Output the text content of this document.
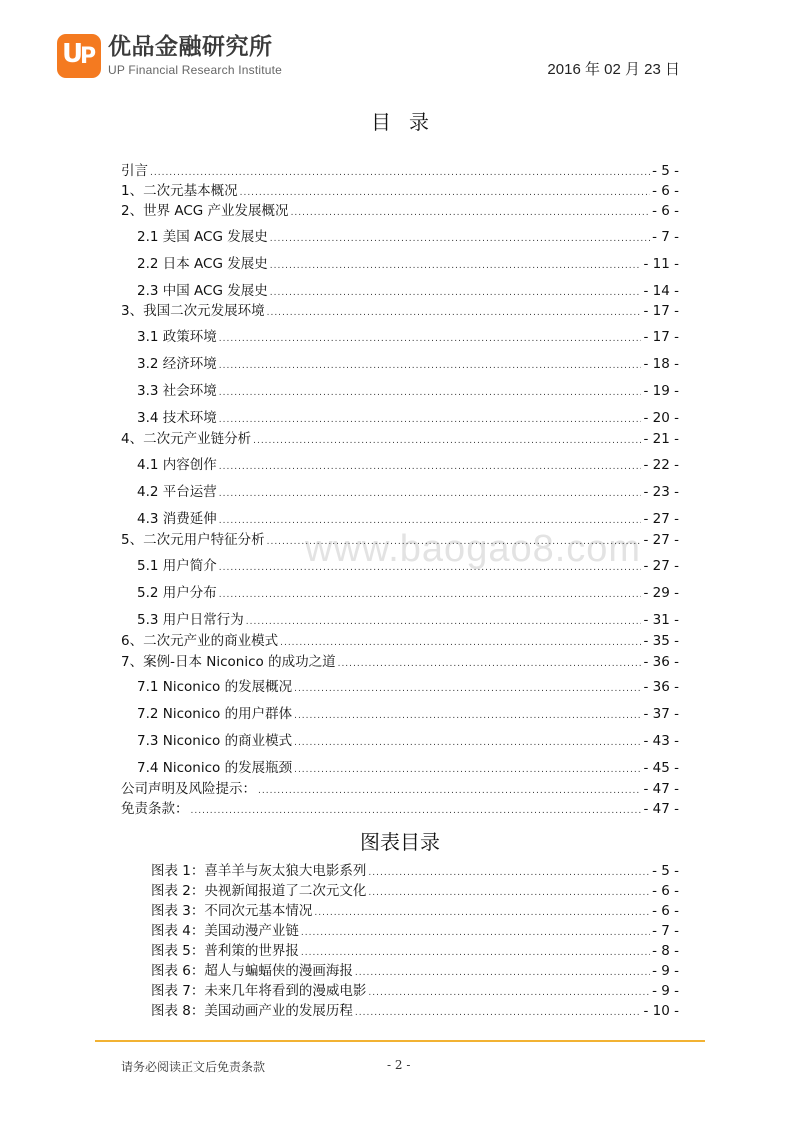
U
P 优品金融研究所
UP Financial Research Institute	2016 年 02 月 23 日
目录
www.baogao8.com
引言 .....	- 5 -
1、二次元基本概况 .....	- 6 -
2、世界 ACG 产业发展概况 .....	- 6 -
2.1 美国 ACG 发展史 .....	- 7 -
2.2 日本 ACG 发展史 .....	- 11 -
2.3 中国 ACG 发展史 .....	- 14 -
3、我国二次元发展环境 .....	- 17 -
3.1 政策环境 .....	- 17 -
3.2 经济环境 .....	- 18 -
3.3 社会环境 .....	- 19 -
3.4 技术环境 .....	- 20 -
4、二次元产业链分析 .....	- 21 -
4.1 内容创作 .....	- 22 -
4.2 平台运营 .....	- 23 -
4.3 消费延伸 .....	- 27 -
5、二次元用户特征分析 .....	- 27 -
5.1 用户简介 .....	- 27 -
5.2 用户分布 .....	- 29 -
5.3 用户日常行为 .....	- 31 -
6、二次元产业的商业模式 .....	- 35 -
7、案例-日本 Niconico 的成功之道 .....	- 36 -
7.1 Niconico 的发展概况 .....	- 36 -
7.2 Niconico 的用户群体 .....	- 37 -
7.3 Niconico 的商业模式 .....	- 43 -
7.4 Niconico 的发展瓶颈 .....	- 45 -
公司声明及风险提示： .....	- 47 -
免责条款： .....	- 47 -
图表目录
图表 1：喜羊羊与灰太狼大电影系列 .....	- 5 -
图表 2：央视新闻报道了二次元文化 .....	- 6 -
图表 3：不同次元基本情况 .....	- 6 -
图表 4：美国动漫产业链 .....	- 7 -
图表 5：普利策的世界报 .....	- 8 -
图表 6：超人与蝙蝠侠的漫画海报 .....	- 9 -
图表 7：未来几年将看到的漫威电影 .....	- 9 -
图表 8：美国动画产业的发展历程 .....	- 10 -
请务必阅读正文后免责条款	- 2 -
